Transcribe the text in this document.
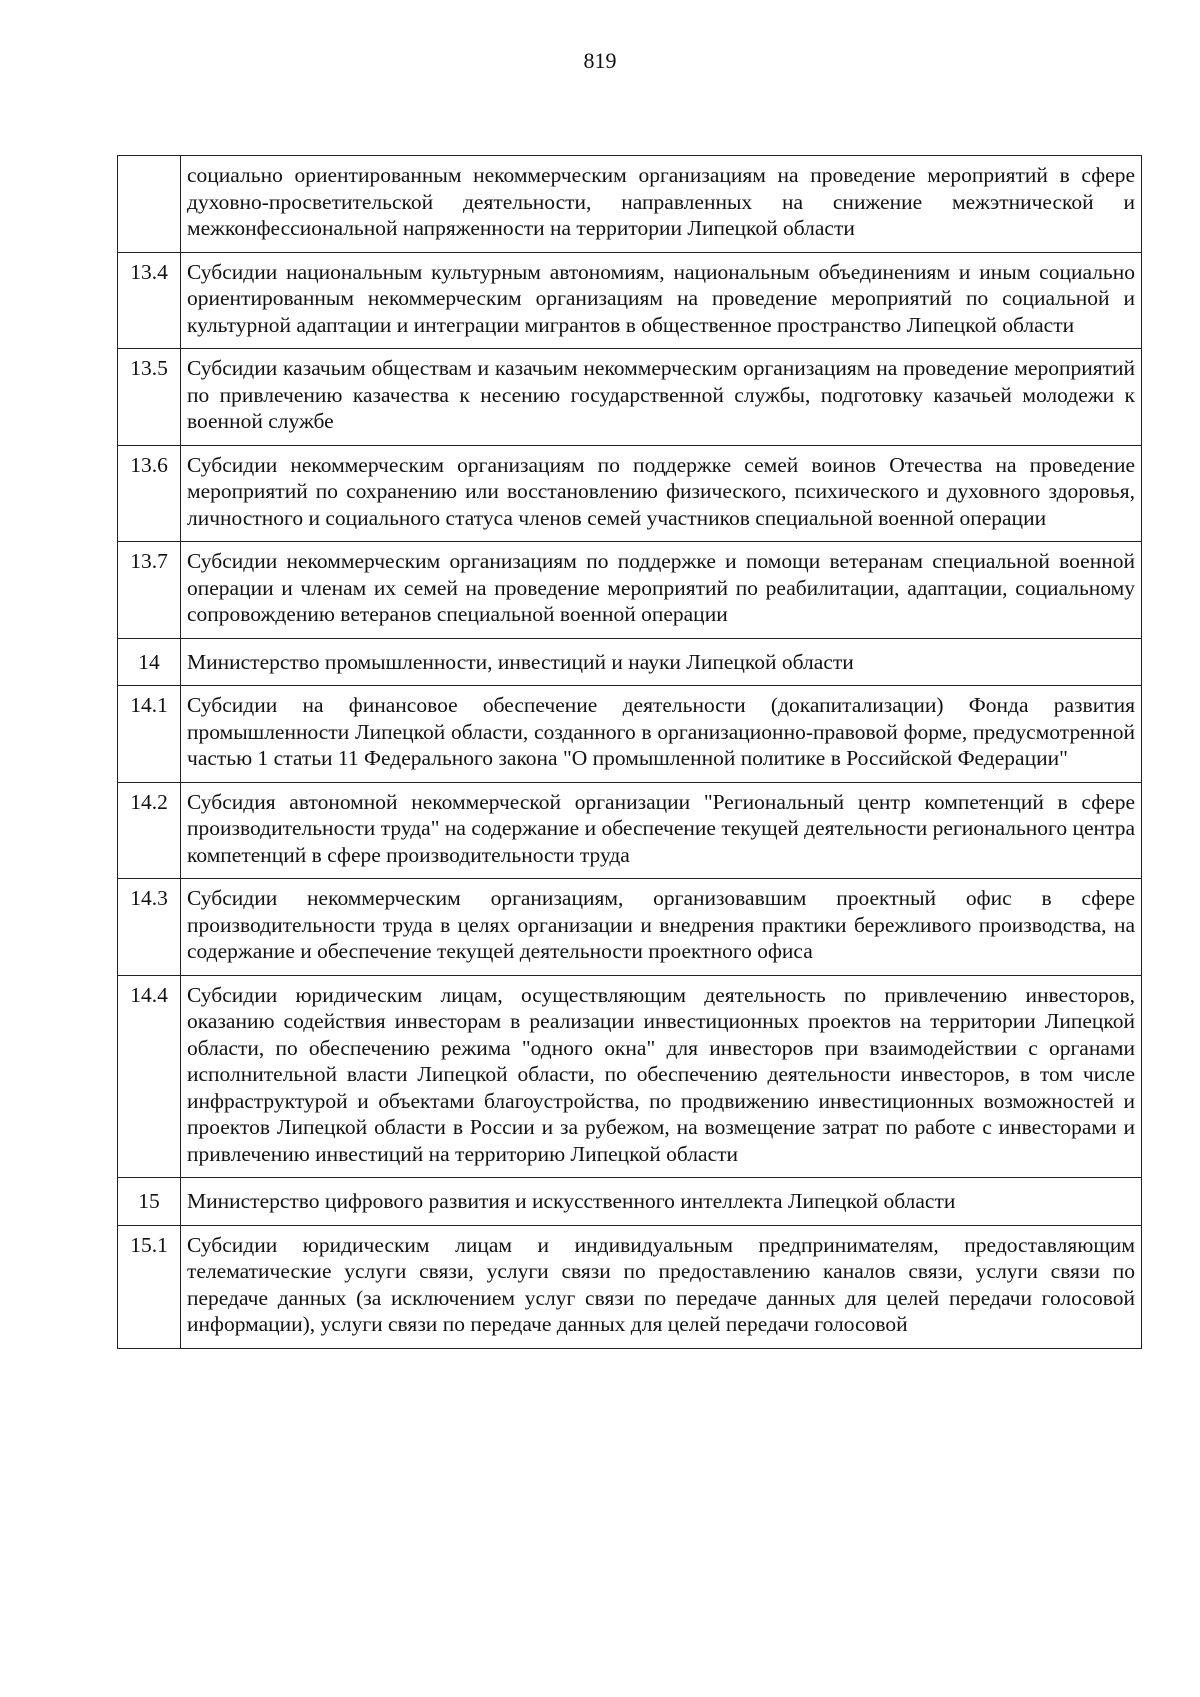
819
	социально ориентированным некоммерческим организациям на проведение мероприятий в сфере духовно-просветительской деятельности, направленных на снижение межэтнической и межконфессиональной напряженности на территории Липецкой области
13.4	Субсидии национальным культурным автономиям, национальным объединениям и иным социально ориентированным некоммерческим организациям на проведение мероприятий по социальной и культурной адаптации и интеграции мигрантов в общественное пространство Липецкой области
13.5	Субсидии казачьим обществам и казачьим некоммерческим организациям на проведение мероприятий по привлечению казачества к несению государственной службы, подготовку казачьей молодежи к военной службе
13.6	Субсидии некоммерческим организациям по поддержке семей воинов Отечества на проведение мероприятий по сохранению или восстановлению физического, психического и духовного здоровья, личностного и социального статуса членов семей участников специальной военной операции
13.7	Субсидии некоммерческим организациям по поддержке и помощи ветеранам специальной военной операции и членам их семей на проведение мероприятий по реабилитации, адаптации, социальному сопровождению ветеранов специальной военной операции
14	Министерство промышленности, инвестиций и науки Липецкой области
14.1	Субсидии на финансовое обеспечение деятельности (докапитализации) Фонда развития промышленности Липецкой области, созданного в организационно-правовой форме, предусмотренной частью 1 статьи 11 Федерального закона "О промышленной политике в Российской Федерации"
14.2	Субсидия автономной некоммерческой организации "Региональный центр компетенций в сфере производительности труда" на содержание и обеспечение текущей деятельности регионального центра компетенций в сфере производительности труда
14.3	Субсидии некоммерческим организациям, организовавшим проектный офис в сфере производительности труда в целях организации и внедрения практики бережливого производства, на содержание и обеспечение текущей деятельности проектного офиса
14.4	Субсидии юридическим лицам, осуществляющим деятельность по привлечению инвесторов, оказанию содействия инвесторам в реализации инвестиционных проектов на территории Липецкой области, по обеспечению режима "одного окна" для инвесторов при взаимодействии с органами исполнительной власти Липецкой области, по обеспечению деятельности инвесторов, в том числе инфраструктурой и объектами благоустройства, по продвижению инвестиционных возможностей и проектов Липецкой области в России и за рубежом, на возмещение затрат по работе с инвесторами и привлечению инвестиций на территорию Липецкой области
15	Министерство цифрового развития и искусственного интеллекта Липецкой области
15.1	Субсидии юридическим лицам и индивидуальным предпринимателям, предоставляющим телематические услуги связи, услуги связи по предоставлению каналов связи, услуги связи по передаче данных (за исключением услуг связи по передаче данных для целей передачи голосовой информации), услуги связи по передаче данных для целей передачи голосовой
